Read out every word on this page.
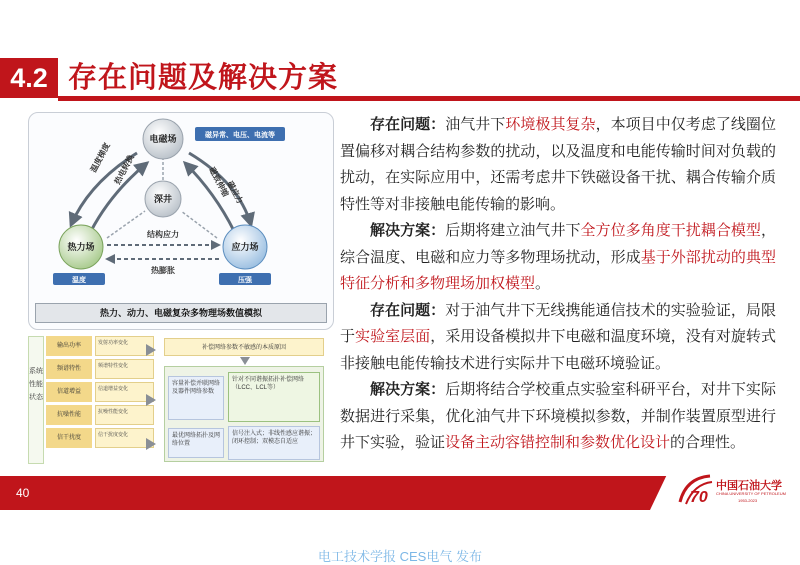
4.2 存在问题及解决方案
电磁场
深井
热力场	应力场
磁异常、电压、电流等
温度	压强
温度梯度 热电转换	磁致伸缩
磁应力
结构应力
热膨胀
热力、动力、电磁复杂多物理场数值模拟
系统性能状态
输出功率	发射功率变化
频谱特性	频谱特性变化
信道增益	信道增益变化
抗噪性能	抗噪性能变化
信干扰度	信干扰度变化
补偿网络参数不敏感的本质原因
容量补偿并联网络及器件网络参数
针对不同谐振拓扑补偿网络（LCC、LCL等）
最优网络拓扑及网络位置
信号注入式；非线性感应谐振；闭环控制；双模态自适应

存在问题：油气井下环境极其复杂，本项目中仅考虑了线圈位置偏移对耦合结构参数的扰动，以及温度和电能传输时间对负载的扰动，在实际应用中，还需考虑井下铁磁设备干扰、耦合传输介质特性等对非接触电能传输的影响。

解决方案：后期将建立油气井下全方位多角度干扰耦合模型，综合温度、电磁和应力等多物理场扰动，形成基于外部扰动的典型特征分析和多物理场加权模型。

存在问题：对于油气井下无线携能通信技术的实验验证，局限于实验室层面，采用设备模拟井下电磁和温度环境，没有对旋转式非接触电能传输技术进行实际井下电磁环境验证。

解决方案：后期将结合学校重点实验室科研平台，对井下实际数据进行采集，优化油气井下环境模拟参数，并制作装置原型进行井下实验，验证设备主动容错控制和参数优化设计的合理性。

40	70
中国石油大学
CHINA UNIVERSITY OF PETROLEUM
1953-2023
电工技术学报 CES电气 发布
